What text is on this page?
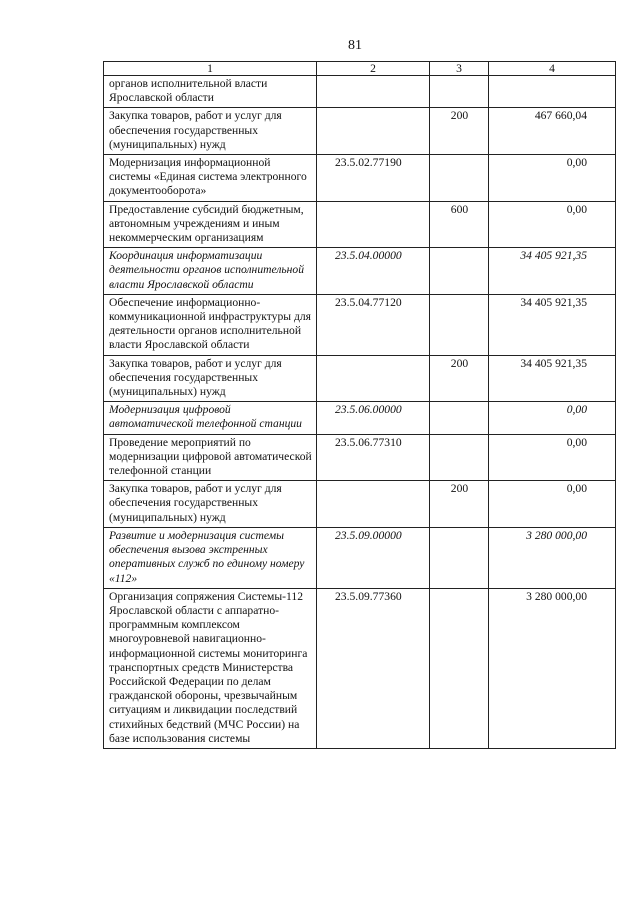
81
1	2	3	4
органов исполнительной власти Ярославской области			
Закупка товаров, работ и услуг для обеспечения государственных (муниципальных) нужд		200	467 660,04
Модернизация информационной системы «Единая система электронного документооборота»	23.5.02.77190		0,00
Предоставление субсидий бюджетным, автономным учреждениям и иным некоммерческим организациям		600	0,00
Координация информатизации деятельности органов исполнительной власти Ярославской области	23.5.04.00000		34 405 921,35
Обеспечение информационно-коммуникационной инфраструктуры для деятельности органов исполнительной власти Ярославской области	23.5.04.77120		34 405 921,35
Закупка товаров, работ и услуг для обеспечения государственных (муниципальных) нужд		200	34 405 921,35
Модернизация цифровой автоматической телефонной станции	23.5.06.00000		0,00
Проведение мероприятий по модернизации цифровой автоматической телефонной станции	23.5.06.77310		0,00
Закупка товаров, работ и услуг для обеспечения государственных (муниципальных) нужд		200	0,00
Развитие и модернизация системы обеспечения вызова экстренных оперативных служб по единому номеру «112»	23.5.09.00000		3 280 000,00
Организация сопряжения Системы-112 Ярославской области с аппаратно-программным комплексом многоуровневой навигационно-информационной системы мониторинга транспортных средств Министерства Российской Федерации по делам гражданской обороны, чрезвычайным ситуациям и ликвидации последствий стихийных бедствий (МЧС России) на базе использования системы	23.5.09.77360		3 280 000,00
